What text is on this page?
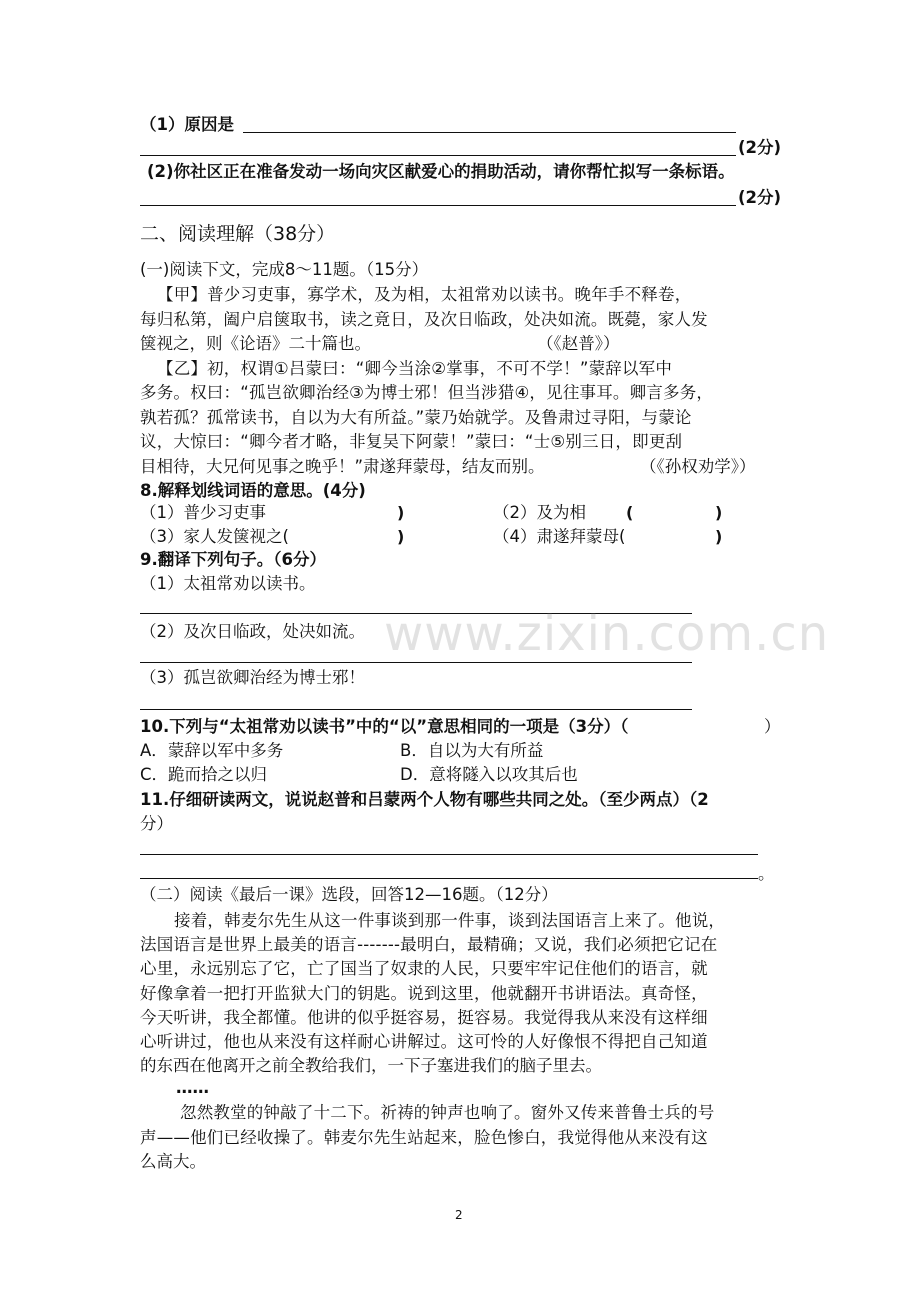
（1）原因是
(2分)
(2)你社区正在准备发动一场向灾区献爱心的捐助活动，请你帮忙拟写一条标语。
(2分)
二、阅读理解（38分）
(一)阅读下文，完成8～11题。（15分）
【甲】普少习吏事，寡学术，及为相，太祖常劝以读书。晚年手不释卷，
每归私第，阖户启箧取书，读之竟日，及次日临政，处决如流。既薨，家人发
箧视之，则《论语》二十篇也。	（《赵普》）
【乙】初，权谓①吕蒙曰：“卿今当涂②掌事，不可不学！”蒙辞以军中
多务。权曰：“孤岂欲卿治经③为博士邪！但当涉猎④，见往事耳。卿言多务，
孰若孤？孤常读书，自以为大有所益。”蒙乃始就学。及鲁肃过寻阳，与蒙论
议，大惊曰：“卿今者才略，非复吴下阿蒙！”蒙曰：“士⑤别三日，即更刮
目相待，大兄何见事之晚乎！”肃遂拜蒙母，结友而别。	（《孙权劝学》）
8.解释划线词语的意思。(4分)
（1）普少习吏事	)	（2）及为相	(	)
（3）家人发箧视之(	)	（4）肃遂拜蒙母(	)
9.翻译下列句子。（6分）
（1）太祖常劝以读书。
（2）及次日临政，处决如流。
（3）孤岂欲卿治经为博士邪！
10.下列与“太祖常劝以读书”中的“以”意思相同的一项是（3分）（	）
A．蒙辞以军中多务	B．自以为大有所益
C．跪而拾之以归	D．意将隧入以攻其后也
11.仔细研读两文，说说赵普和吕蒙两个人物有哪些共同之处。（至少两点）（2
分）
。
（二）阅读《最后一课》选段，回答12—16题。（12分）
接着，韩麦尔先生从这一件事谈到那一件事，谈到法国语言上来了。他说，
法国语言是世界上最美的语言-------最明白，最精确；又说，我们必须把它记在
心里，永远别忘了它，亡了国当了奴隶的人民，只要牢牢记住他们的语言，就
好像拿着一把打开监狱大门的钥匙。说到这里，他就翻开书讲语法。真奇怪，
今天听讲，我全都懂。他讲的似乎挺容易，挺容易。我觉得我从来没有这样细
心听讲过，他也从来没有这样耐心讲解过。这可怜的人好像恨不得把自己知道
的东西在他离开之前全教给我们，一下子塞进我们的脑子里去。
……
忽然教堂的钟敲了十二下。祈祷的钟声也响了。窗外又传来普鲁士兵的号
声——他们已经收操了。韩麦尔先生站起来，脸色惨白，我觉得他从来没有这
么高大。
www.zixin.com.cn
2
